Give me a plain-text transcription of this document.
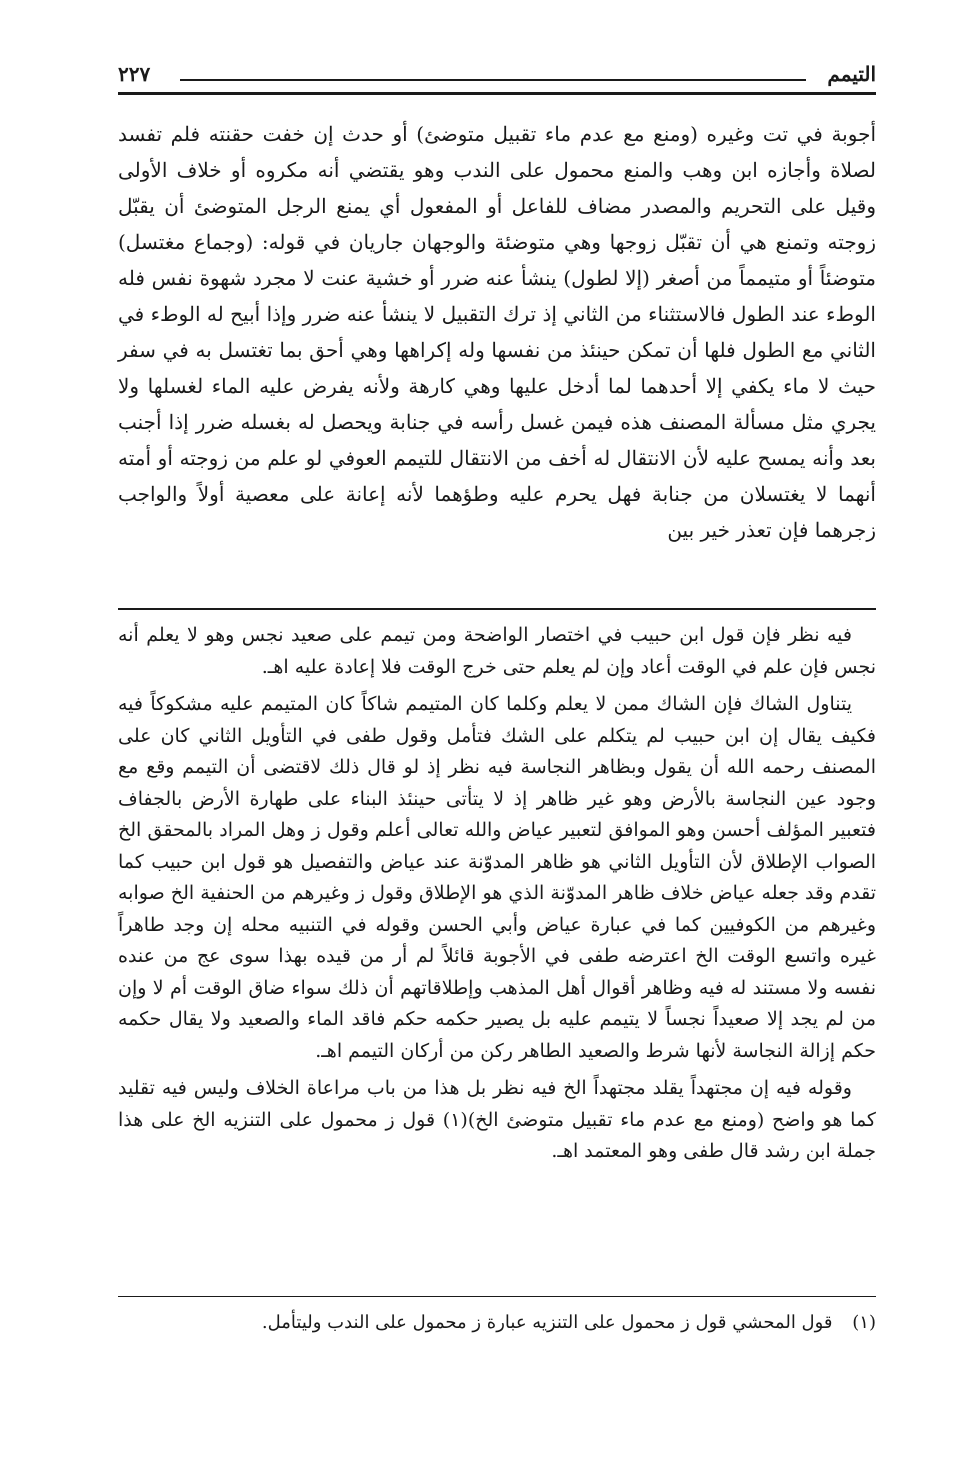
التيمم
٢٢٧

أجوبة في تت وغيره (ومنع مع عدم ماء تقبيل متوضئ) أو حدث إن خفت حقنته فلم تفسد لصلاة وأجازه ابن وهب والمنع محمول على الندب وهو يقتضي أنه مكروه أو خلاف الأولى وقيل على التحريم والمصدر مضاف للفاعل أو المفعول أي يمنع الرجل المتوضئ أن يقبّل زوجته وتمنع هي أن تقبّل زوجها وهي متوضئة والوجهان جاريان في قوله: (وجماع مغتسل) متوضئاً أو متيمماً من أصغر (إلا لطول) ينشأ عنه ضرر أو خشية عنت لا مجرد شهوة نفس فله الوطء عند الطول فالاستثناء من الثاني إذ ترك التقبيل لا ينشأ عنه ضرر وإذا أبيح له الوطء في الثاني مع الطول فلها أن تمكن حينئذ من نفسها وله إكراهها وهي أحق بما تغتسل به في سفر حيث لا ماء يكفي إلا أحدهما لما أدخل عليها وهي كارهة ولأنه يفرض عليه الماء لغسلها ولا يجري مثل مسألة المصنف هذه فيمن غسل رأسه في جنابة ويحصل له بغسله ضرر إذا أجنب بعد وأنه يمسح عليه لأن الانتقال له أخف من الانتقال للتيمم العوفي لو علم من زوجته أو أمته أنهما لا يغتسلان من جنابة فهل يحرم عليه وطؤهما لأنه إعانة على معصية أولاً والواجب زجرهما فإن تعذر خير بين

فيه نظر فإن قول ابن حبيب في اختصار الواضحة ومن تيمم على صعيد نجس وهو لا يعلم أنه نجس فإن علم في الوقت أعاد وإن لم يعلم حتى خرج الوقت فلا إعادة عليه اهـ.

يتناول الشاك فإن الشاك ممن لا يعلم وكلما كان المتيمم شاكاً كان المتيمم عليه مشكوكاً فيه فكيف يقال إن ابن حبيب لم يتكلم على الشك فتأمل وقول طفى في التأويل الثاني كان على المصنف رحمه الله أن يقول وبظاهر النجاسة فيه نظر إذ لو قال ذلك لاقتضى أن التيمم وقع مع وجود عين النجاسة بالأرض وهو غير ظاهر إذ لا يتأتى حينئذ البناء على طهارة الأرض بالجفاف فتعبير المؤلف أحسن وهو الموافق لتعبير عياض والله تعالى أعلم وقول ز وهل المراد بالمحقق الخ الصواب الإطلاق لأن التأويل الثاني هو ظاهر المدوّنة عند عياض والتفصيل هو قول ابن حبيب كما تقدم وقد جعله عياض خلاف ظاهر المدوّنة الذي هو الإطلاق وقول ز وغيرهم من الحنفية الخ صوابه وغيرهم من الكوفيين كما في عبارة عياض وأبي الحسن وقوله في التنبيه محله إن وجد طاهراً غيره واتسع الوقت الخ اعترضه طفى في الأجوبة قائلاً لم أر من قيده بهذا سوى عج من عنده نفسه ولا مستند له فيه وظاهر أقوال أهل المذهب وإطلاقاتهم أن ذلك سواء ضاق الوقت أم لا وإن من لم يجد إلا صعيداً نجساً لا يتيمم عليه بل يصير حكمه حكم فاقد الماء والصعيد ولا يقال حكمه حكم إزالة النجاسة لأنها شرط والصعيد الطاهر ركن من أركان التيمم اهـ.

وقوله فيه إن مجتهداً يقلد مجتهداً الخ فيه نظر بل هذا من باب مراعاة الخلاف وليس فيه تقليد كما هو واضح (ومنع مع عدم ماء تقبيل متوضئ الخ)(١) قول ز محمول على التنزيه الخ على هذا جملة ابن رشد قال طفى وهو المعتمد اهـ.

(١) قول المحشي قول ز محمول على التنزيه عبارة ز محمول على الندب وليتأمل.
